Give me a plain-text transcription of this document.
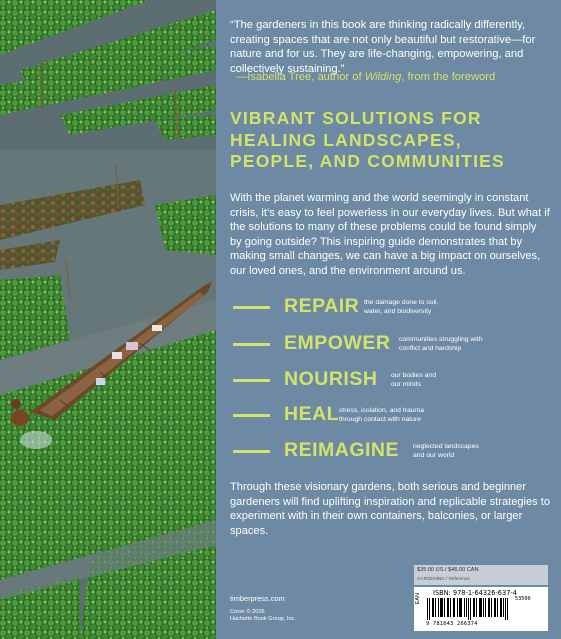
“The gardeners in this book are thinking radically differently, creating spaces that are not only beautiful but restorative—for nature and for us. They are life-changing, empowering, and collectively sustaining.”
—Isabella Tree, author of Wilding, from the foreword
VIBRANT SOLUTIONS FOR HEALING LANDSCAPES, PEOPLE, AND COMMUNITIES
With the planet warming and the world seemingly in constant crisis, it’s easy to feel powerless in our everyday lives. But what if the solutions to many of these problems could be found simply by going outside? This inspiring guide demonstrates that by making small changes, we can have a big impact on ourselves, our loved ones, and the environment around us.
REPAIR the damage done to soil, water, and biodiversity
EMPOWER communities struggling with conflict and hardship
NOURISH our bodies and our minds
HEAL stress, isolation, and trauma through contact with nature
REIMAGINE neglected landscapes and our world
Through these visionary gardens, both serious and beginner gardeners will find uplifting inspiration and replicable strategies to experiment with in their own containers, balconies, or larger spaces.
timberpress.com
Cover © 2026
Hachette Book Group, Inc.
$35.00 US / $46.00 CAN
GARDENING / Reference
ISBN: 978-1-64326-637-4
EAN
9 781643 266374
53500
